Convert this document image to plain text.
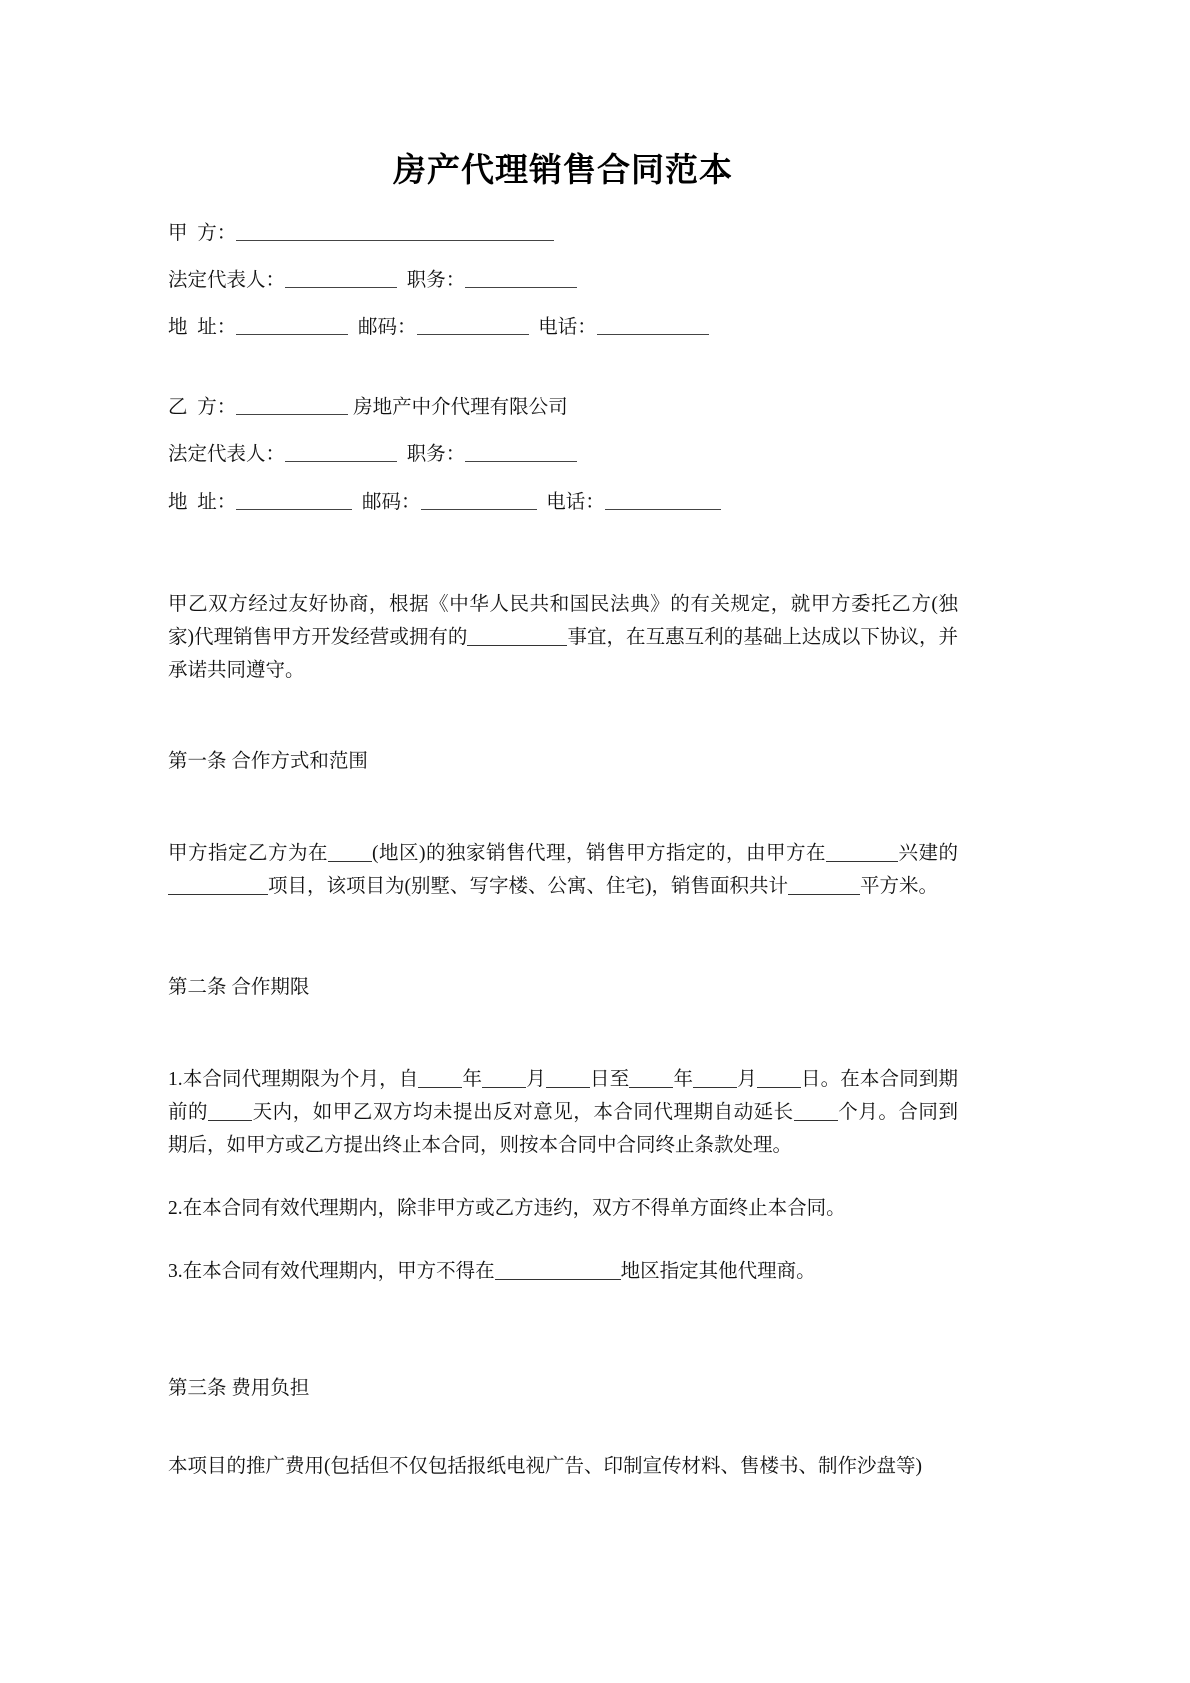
房产代理销售合同范本

甲  方：

法定代表人：	职务：

地  址：	邮码：	电话：

乙  方：	房地产中介代理有限公司

法定代表人：	职务：

地  址：	邮码：	电话：

甲乙双方经过友好协商，根据《中华人民共和国民法典》的有关规定，就甲方委托乙方(独家)代理销售甲方开发经营或拥有的	事宜，在互惠互利的基础上达成以下协议，并承诺共同遵守。

第一条 合作方式和范围

甲方指定乙方为在 (地区)的独家销售代理，销售甲方指定的，由甲方在	兴建的项目，该项目为(别墅、写字楼、公寓、住宅)，销售面积共计	平方米。

第二条 合作期限

1.本合同代理期限为个月，自 年 月 日至 年 月 日。在本合同到期前的 天内，如甲乙双方均未提出反对意见，本合同代理期自动延长 个月。合同到期后，如甲方或乙方提出终止本合同，则按本合同中合同终止条款处理。

2.在本合同有效代理期内，除非甲方或乙方违约，双方不得单方面终止本合同。

3.在本合同有效代理期内，甲方不得在	地区指定其他代理商。

第三条 费用负担

本项目的推广费用(包括但不仅包括报纸电视广告、印制宣传材料、售楼书、制作沙盘等)
